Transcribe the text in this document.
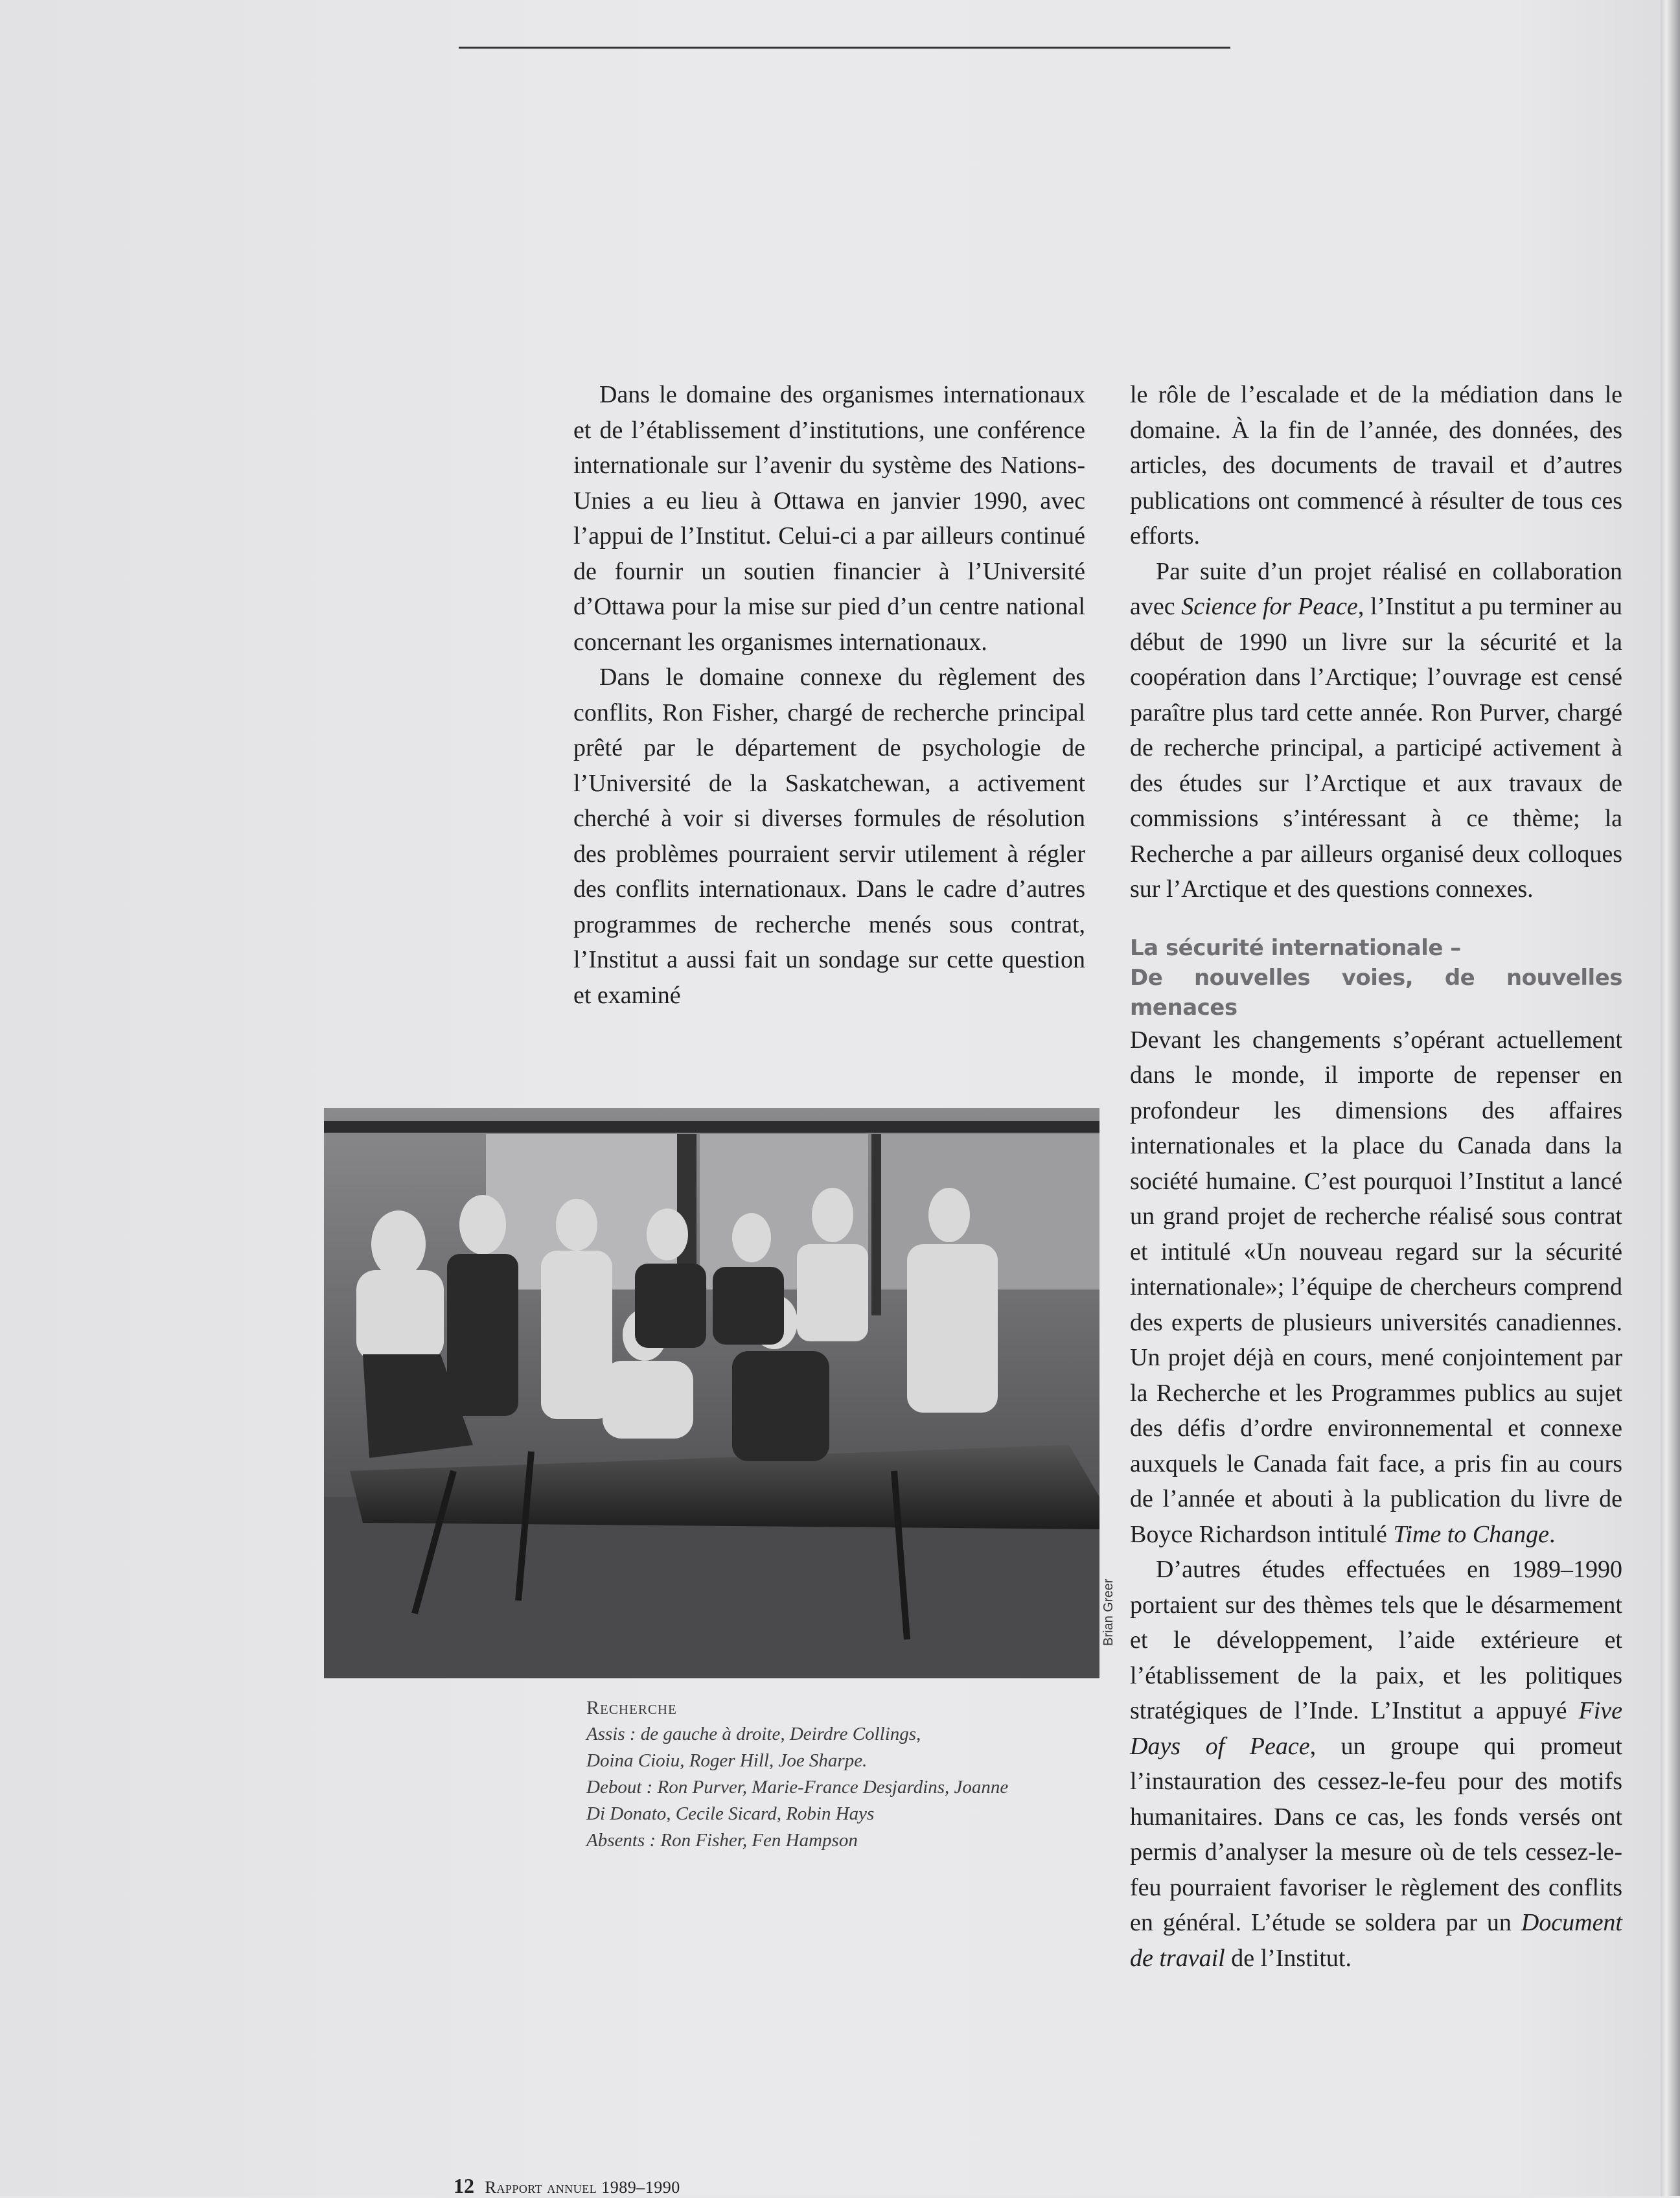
Dans le domaine des organismes internationaux et de l’établissement d’institutions, une conférence internationale sur l’avenir du système des Nations-Unies a eu lieu à Ottawa en janvier 1990, avec l’appui de l’Institut. Celui-ci a par ailleurs continué de fournir un soutien financier à l’Université d’Ottawa pour la mise sur pied d’un centre national concernant les organismes internationaux.

Dans le domaine connexe du règlement des conflits, Ron Fisher, chargé de recherche principal prêté par le département de psychologie de l’Université de la Saskatchewan, a activement cherché à voir si diverses formules de résolution des problèmes pourraient servir utilement à régler des conflits internationaux. Dans le cadre d’autres programmes de recherche menés sous contrat, l’Institut a aussi fait un sondage sur cette question et examiné

le rôle de l’escalade et de la médiation dans le domaine. À la fin de l’année, des données, des articles, des documents de travail et d’autres publications ont commencé à résulter de tous ces efforts.

Par suite d’un projet réalisé en collaboration avec Science for Peace, l’Institut a pu terminer au début de 1990 un livre sur la sécurité et la coopération dans l’Arctique; l’ouvrage est censé paraître plus tard cette année. Ron Purver, chargé de recherche principal, a participé activement à des études sur l’Arctique et aux travaux de commissions s’intéressant à ce thème; la Recherche a par ailleurs organisé deux colloques sur l’Arctique et des questions connexes.

La sécurité internationale –
De nouvelles voies, de nouvelles menaces

Devant les changements s’opérant actuellement dans le monde, il importe de repenser en profondeur les dimensions des affaires internationales et la place du Canada dans la société humaine. C’est pourquoi l’Institut a lancé un grand projet de recherche réalisé sous contrat et intitulé «Un nouveau regard sur la sécurité internationale»; l’équipe de chercheurs comprend des experts de plusieurs universités canadiennes. Un projet déjà en cours, mené conjointement par la Recherche et les Programmes publics au sujet des défis d’ordre environnemental et connexe auxquels le Canada fait face, a pris fin au cours de l’année et abouti à la publication du livre de Boyce Richardson intitulé Time to Change.

D’autres études effectuées en 1989–1990 portaient sur des thèmes tels que le désarmement et le développement, l’aide extérieure et l’établissement de la paix, et les politiques stratégiques de l’Inde. L’Institut a appuyé Five Days of Peace, un groupe qui promeut l’instauration des cessez-le-feu pour des motifs humanitaires. Dans ce cas, les fonds versés ont permis d’analyser la mesure où de tels cessez-le-feu pourraient favoriser le règlement des conflits en général. L’étude se soldera par un Document de travail de l’Institut.

Brian Greer
Recherche
Assis : de gauche à droite, Deirdre Collings,
Doina Cioiu, Roger Hill, Joe Sharpe.
Debout : Ron Purver, Marie-France Desjardins, Joanne
Di Donato, Cecile Sicard, Robin Hays
Absents : Ron Fisher, Fen Hampson
12 Rapport annuel 1989–1990
